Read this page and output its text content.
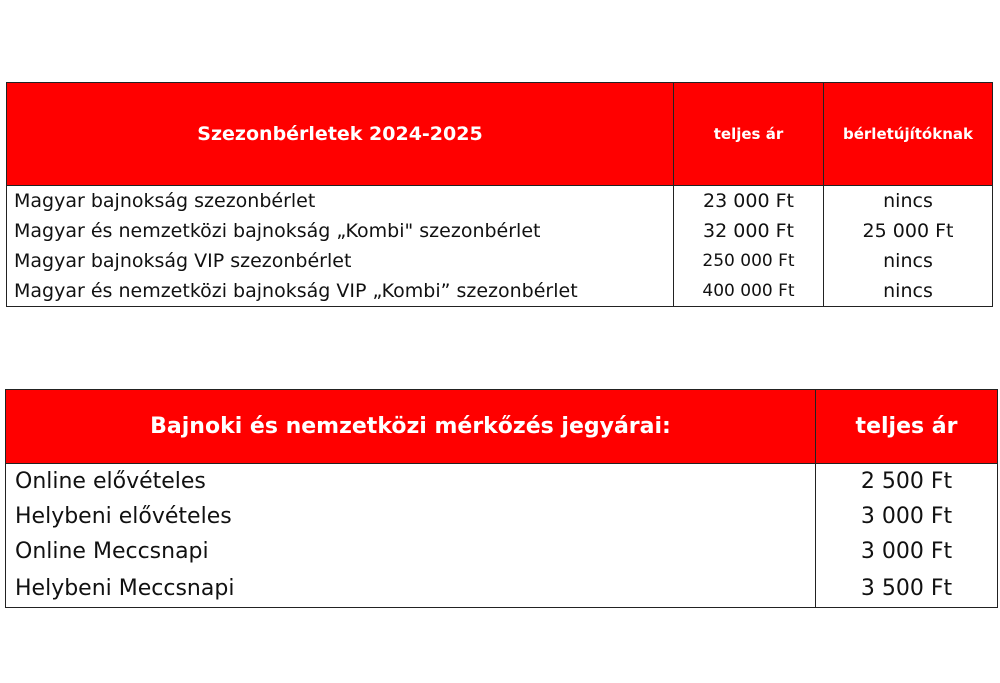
Szezonbérletek 2024-2025	teljes ár	bérletújítóknak
Magyar bajnokság szezonbérlet	23 000 Ft	nincs
Magyar és nemzetközi bajnokság „Kombi" szezonbérlet	32 000 Ft	25 000 Ft
Magyar bajnokság VIP szezonbérlet	250 000 Ft	nincs
Magyar és nemzetközi bajnokság VIP „Kombi” szezonbérlet	400 000 Ft	nincs
Bajnoki és nemzetközi mérkőzés jegyárai:	teljes ár
Online elővételes	2 500 Ft
Helybeni elővételes	3 000 Ft
Online Meccsnapi	3 000 Ft
Helybeni Meccsnapi	3 500 Ft
